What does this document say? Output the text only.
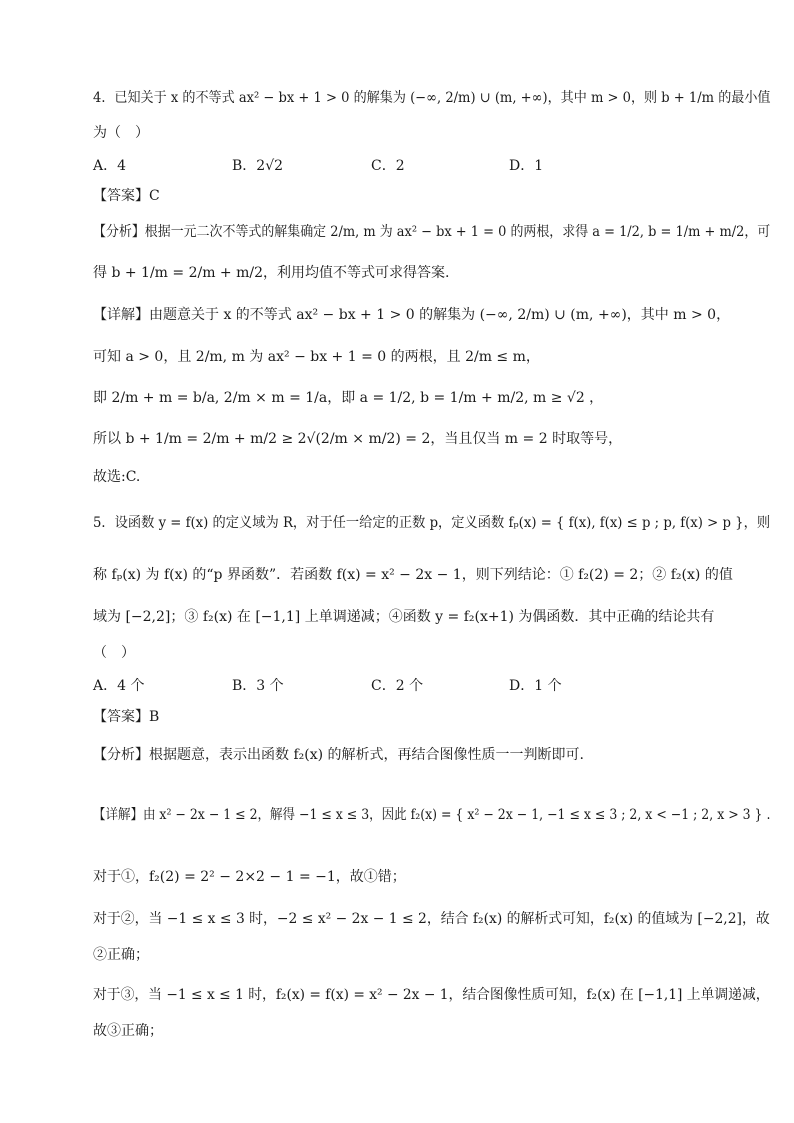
4．已知关于 x 的不等式 ax² − bx + 1 > 0 的解集为 (−∞, 2/m) ∪ (m, +∞)，其中 m > 0，则 b + 1/m 的最小值
为（　）
A．4	B．2√2	C．2	D．1
【答案】C
【分析】根据一元二次不等式的解集确定 2/m, m 为 ax² − bx + 1 = 0 的两根，求得 a = 1/2, b = 1/m + m/2，可
得 b + 1/m = 2/m + m/2，利用均值不等式可求得答案.
【详解】由题意关于 x 的不等式 ax² − bx + 1 > 0 的解集为 (−∞, 2/m) ∪ (m, +∞)，其中 m > 0，
可知 a > 0，且 2/m, m 为 ax² − bx + 1 = 0 的两根，且 2/m ≤ m，
即 2/m + m = b/a, 2/m × m = 1/a，即 a = 1/2, b = 1/m + m/2, m ≥ √2 ，
所以 b + 1/m = 2/m + m/2 ≥ 2√(2/m × m/2) = 2，当且仅当 m = 2 时取等号，
故选:C.
5．设函数 y = f(x) 的定义域为 R，对于任一给定的正数 p，定义函数 fₚ(x) = { f(x), f(x) ≤ p ; p, f(x) > p }，则
称 fₚ(x) 为 f(x) 的“p 界函数”．若函数 f(x) = x² − 2x − 1，则下列结论：① f₂(2) = 2；② f₂(x) 的值
域为 [−2,2]；③ f₂(x) 在 [−1,1] 上单调递减；④函数 y = f₂(x+1) 为偶函数．其中正确的结论共有
（　）
A．4 个	B．3 个	C．2 个	D．1 个
【答案】B
【分析】根据题意，表示出函数 f₂(x) 的解析式，再结合图像性质一一判断即可.
【详解】由 x² − 2x − 1 ≤ 2，解得 −1 ≤ x ≤ 3，因此 f₂(x) = { x² − 2x − 1, −1 ≤ x ≤ 3 ; 2, x < −1 ; 2, x > 3 } .
对于①，f₂(2) = 2² − 2×2 − 1 = −1，故①错；
对于②，当 −1 ≤ x ≤ 3 时，−2 ≤ x² − 2x − 1 ≤ 2，结合 f₂(x) 的解析式可知，f₂(x) 的值域为 [−2,2]，故
②正确；
对于③，当 −1 ≤ x ≤ 1 时，f₂(x) = f(x) = x² − 2x − 1，结合图像性质可知，f₂(x) 在 [−1,1] 上单调递减，
故③正确；
